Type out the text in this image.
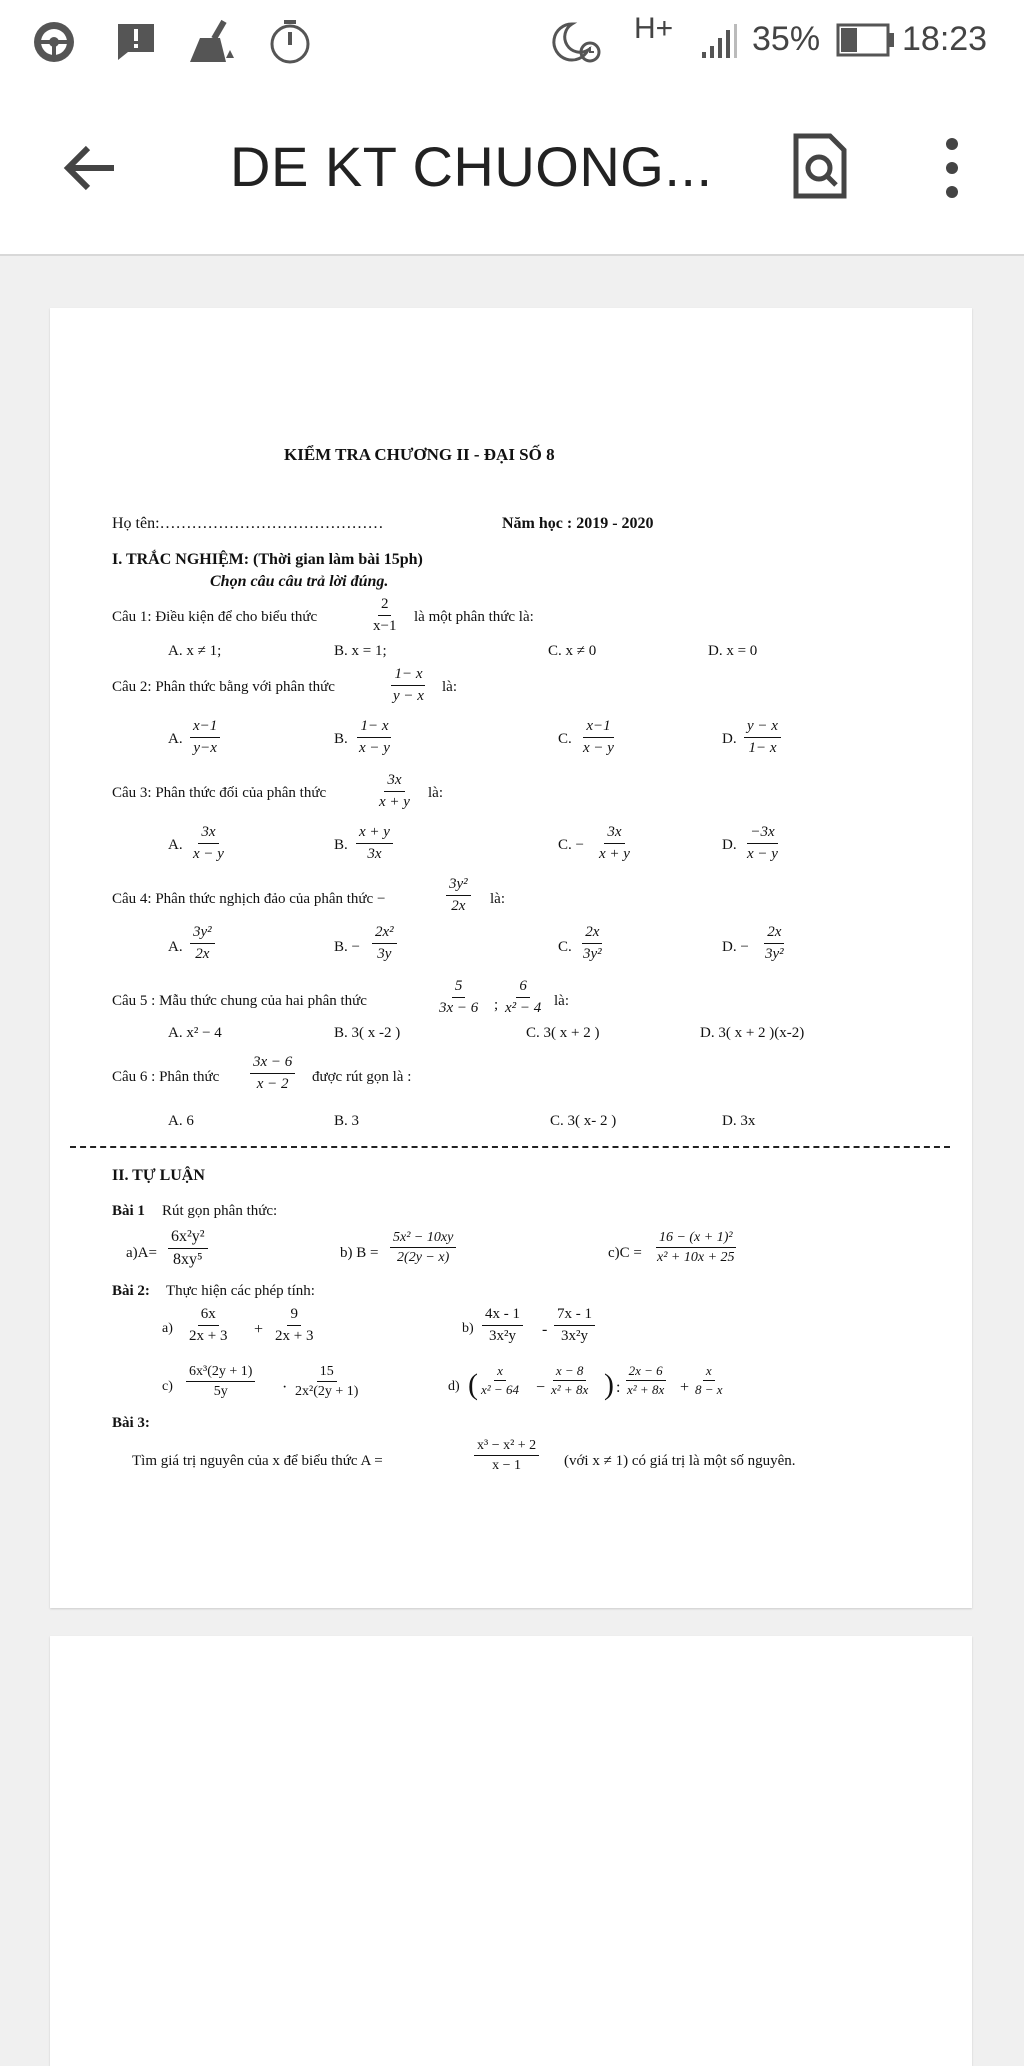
H+ 35% 18:23
DE KT CHUONG...
KIỂM TRA CHƯƠNG II - ĐẠI SỐ 8
Họ tên:……………………………………	Năm học : 2019 - 2020
I. TRẮC NGHIỆM: (Thời gian làm bài 15ph)
Chọn câu câu trả lời đúng.
Câu 1: Điều kiện để cho biểu thức	$\frac{2}{x-1}$ là một phân thức là:
A. x ≠ 1;	B. x = 1;	C. x ≠ 0	D. x = 0
Câu 2: Phân thức bằng với phân thức	$\frac{1- x}{y - x}$ là:
A. $\frac{x-1}{y-x}$	B. $\frac{1- x}{x - y}$	C. $\frac{x-1}{x - y}$	D. $\frac{y - x}{1- x}$
Câu 3: Phân thức đối của phân thức	$\frac{3x}{x + y}$ là:
A. $\frac{3x}{x - y}$	B. $\frac{x + y}{3x}$	C. − $\frac{3x}{x + y}$	D. $\frac{-3x}{x - y}$
Câu 4: Phân thức nghịch đảo của phân thức −	$\frac{\text{3y²}}{2x}$ là:
A. $\frac{\text{3y²}}{2x}$	B. − $\frac{\text{2x²}}{3y}$	C. $\frac{2x}{\text{3y²}}$	D. − $\frac{2x}{\text{3y²}}$
Câu 5 : Mẫu thức chung của hai phân thức	$\frac{5}{3x - 6}$ ; $\frac{6}{\text{x² − 4}}$ là:
A. x² − 4	B. 3( x -2 )	C. 3( x + 2 )	D. 3( x + 2 )(x-2)
Câu 6 : Phân thức $\frac{3x - 6}{x - 2}$ được rút gọn là :
A. 6	B. 3	C. 3( x- 2 )	D. 3x
II. TỰ LUẬN
Bài 1 Rút gọn phân thức:
$a)A= \frac{\text{6x²y²}}{\text{8xy⁵}}$	b) $B = \frac{\text{5x² − 10xy}}{2(2y - x)}$	$c)C = \frac{\text{16 − (x + 1)²}}{\text{x² + 10x + 25}}$
Bài 2: Thực hiện các phép tính:
$a) \frac{6x}{2x + 3} + \frac{9}{2x + 3}$	$b) \frac{4x - 1}{\text{3x²y}} - \frac{7x - 1}{\text{3x²y}}$
$c) \frac{\text{6x³(2y + 1)}}{5y} \cdot \frac{15}{\text{2x²(2y + 1)}}$	d) ( $\frac{x}{\text{x² − 64}} - \frac{x - 8}{\text{x² + 8x}}$ ) : $\frac{2x - 6}{\text{x² + 8x}} + \frac{x}{8 - x}$
Bài 3:
Tìm giá trị nguyên của x để biểu thức A =	$\frac{\text{x³ − x² + 2}}{x - 1}$ (với x ≠ 1) có giá trị là một số nguyên.
